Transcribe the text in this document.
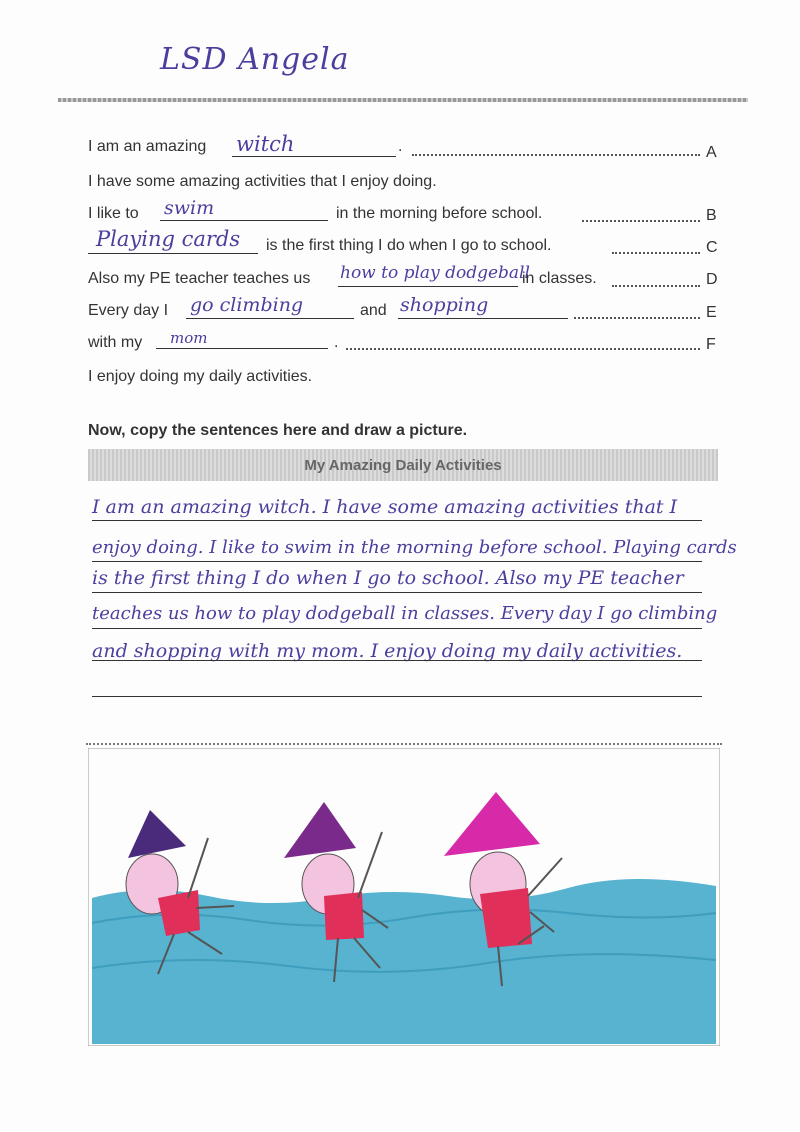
LSD Angela
I am an amazing witch	.	A
I have some amazing activities that I enjoy doing.
I like to swim	in the morning before school.	B
Playing cards is the first thing I do when I go to school.	C
Also my PE teacher teaches us how to play dodgeball
in classes.	D
Every day I go climbing	and shopping	E
with my mom	.	F
I enjoy doing my daily activities.
Now, copy the sentences here and draw a picture.
My Amazing Daily Activities
I am an amazing witch. I have some amazing activities that I
enjoy doing. I like to swim in the morning before school. Playing cards
is the first thing I do when I go to school. Also my PE teacher
teaches us how to play dodgeball in classes. Every day I go climbing
and shopping with my mom. I enjoy doing my daily activities.
